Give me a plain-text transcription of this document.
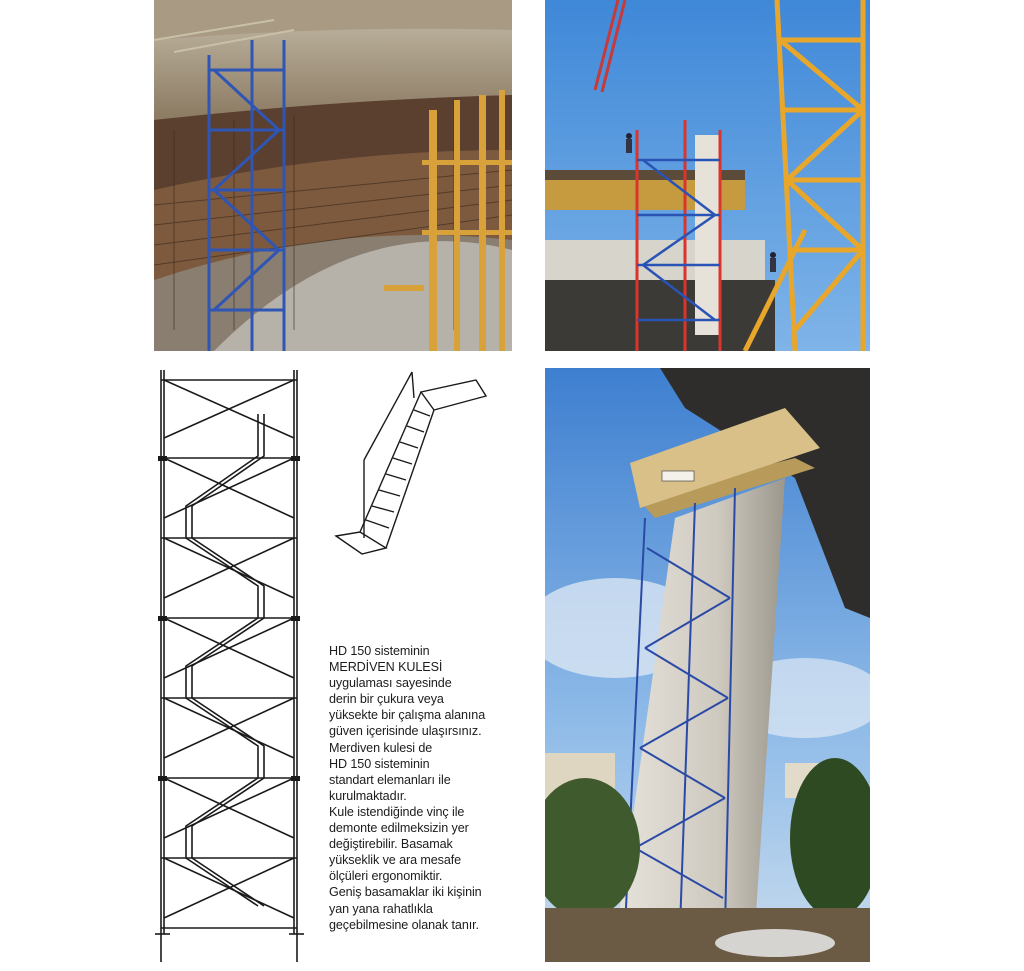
HD 150 sisteminin
MERDİVEN KULESİ
uygulaması sayesinde
derin bir çukura veya
yüksekte bir çalışma alanına
güven içerisinde ulaşırsınız.
Merdiven kulesi de
HD 150 sisteminin
standart elemanları ile
kurulmaktadır.
Kule istendiğinde vinç ile
demonte edilmeksizin yer
değiştirebilir. Basamak
yükseklik ve ara mesafe
ölçüleri ergonomiktir.
Geniş basamaklar iki kişinin
yan yana rahatlıkla
geçebilmesine olanak tanır.
